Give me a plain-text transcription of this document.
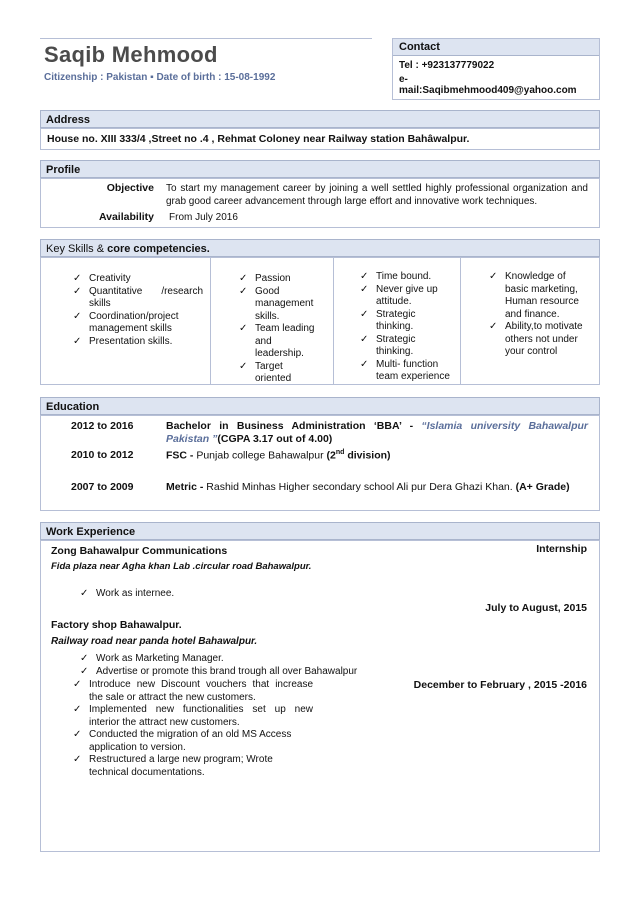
Saqib Mehmood
Citizenship : Pakistan ▪ Date of birth : 15-08-1992
Contact
Tel : +923137779022
e-
mail:Saqibmehmood409@yahoo.com
Address
House no. XIII 333/4 ,Street no .4 , Rehmat Coloney near Railway station Bahâwalpur.
Profile
Objective To start my management career by joining a well settled highly professional organization and grab good career advancement through large effort and innovative work techniques.
Availability From July 2016
Key Skills & core competencies.
✓ Creativity
✓ Quantitative /research skills
✓ Coordination/project management skills
✓ Presentation skills.
✓ Passion
✓ Good management skills.
✓ Team leading and leadership.
✓ Target oriented
✓ Time bound.
✓ Never give up attitude.
✓ Strategic thinking.
✓ Strategic thinking.
✓ Multi- function team experience
✓ Knowledge of basic marketing, Human resource and finance.
✓ Ability,to motivate others not under your control
Education
2012 to 2016	Bachelor in Business Administration ‘BBA’ - “Islamia university Bahawalpur Pakistan ”(CGPA 3.17 out of 4.00)
2010 to 2012	FSC - Punjab college Bahawalpur (2nd division)
2007 to 2009	Metric - Rashid Minhas Higher secondary school Ali pur Dera Ghazi Khan. (A+ Grade)
Work Experience
Zong Bahawalpur Communications	Internship
Fida plaza near Agha khan Lab .circular road Bahawalpur.
✓ Work as internee.
July to August, 2015
Factory shop Bahawalpur.
Railway road near panda hotel Bahawalpur.
✓ Work as Marketing Manager.
✓ Advertise or promote this brand trough all over Bahawalpur
✓ Introduce new Discount vouchers that increase the sale or attract the new customers.
✓ Implemented new functionalities set up new interior the attract new customers.
✓ Conducted the migration of an old MS Access application to version.
✓ Restructured a large new program; Wrote technical documentations.
December to February , 2015 -2016
